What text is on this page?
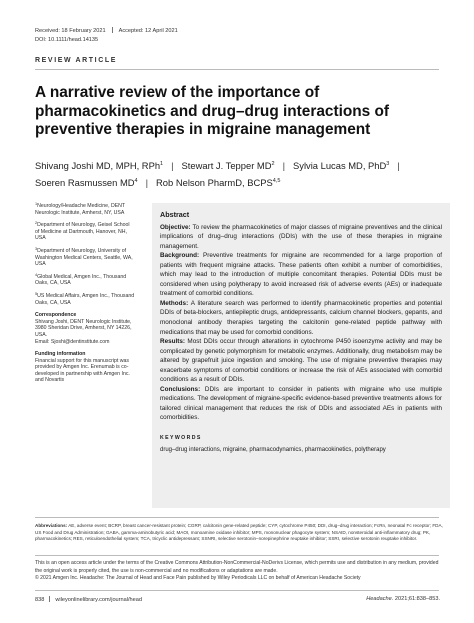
Received: 18 February 2021 Accepted: 12 April 2021
DOI: 10.1111/head.14135
REVIEW ARTICLE
A narrative review of the importance of pharmacokinetics and drug–drug interactions of preventive therapies in migraine management
Shivang Joshi MD, MPH, RPh$^1$ | Stewart J. Tepper $MD^2$ | Sylvia Lucas MD, PhD$^3$ |
Soeren Rasmussen $MD^4$ | Rob Nelson PharmD, BCPS$^{4,5}$

$^1$Neurology/Headache Medicine, DENT Neurologic Institute, Amherst, NY, USA

$^2$Department of Neurology, Geisel School of Medicine at Dartmouth, Hanover, NH, USA

$^3$Department of Neurology, University of Washington Medical Centers, Seattle, WA, USA

$^4$Global Medical, Amgen Inc., Thousand Oaks, CA, USA

$^5$US Medical Affairs, Amgen Inc., Thousand Oaks, CA, USA

Correspondence
Shivang Joshi, DENT Neurologic Institute, 3980 Sheridan Drive, Amherst, NY 14226, USA.
Email: Sjoshi@dentinstitute.com

Funding information
Financial support for this manuscript was provided by Amgen Inc. Erenumab is co-developed in partnership with Amgen Inc. and Novartis

Abstract

Objective: To review the pharmacokinetics of major classes of migraine preventives and the clinical implications of drug–drug interactions (DDIs) with the use of these therapies in migraine management.

Background: Preventive treatments for migraine are recommended for a large proportion of patients with frequent migraine attacks. These patients often exhibit a number of comorbidities, which may lead to the introduction of multiple concomitant therapies. Potential DDIs must be considered when using polytherapy to avoid increased risk of adverse events (AEs) or inadequate treatment of comorbid conditions.

Methods: A literature search was performed to identify pharmacokinetic properties and potential DDIs of beta-blockers, antiepileptic drugs, antidepressants, calcium channel blockers, gepants, and monoclonal antibody therapies targeting the calcitonin gene-related peptide pathway with medications that may be used for comorbid conditions.

Results: Most DDIs occur through alterations in cytochrome P450 isoenzyme activity and may be complicated by genetic polymorphism for metabolic enzymes. Additionally, drug metabolism may be altered by grapefruit juice ingestion and smoking. The use of migraine preventive therapies may exacerbate symptoms of comorbid conditions or increase the risk of AEs associated with comorbid conditions as a result of DDIs.

Conclusions: DDIs are important to consider in patients with migraine who use multiple medications. The development of migraine-specific evidence-based preventive treatments allows for tailored clinical management that reduces the risk of DDIs and associated AEs in patients with comorbidities.

KEYWORDS
drug–drug interactions, migraine, pharmacodynamics, pharmacokinetics, polytherapy
Abbreviations: AE, adverse event; BCRP, breast cancer-resistant protein; CGRP, calcitonin gene-related peptide; CYP, cytochrome P450; DDI, drug–drug interaction; FcRn, neonatal Fc receptor; FDA, US Food and Drug Administration; GABA, gamma-aminobutyric acid; MAOI, monoamine oxidase inhibitor; MPS, mononuclear phagocyte system; NSAID, nonsteroidal anti-inflammatory drug; PK, pharmacokinetics; RES, reticuloendothelial system; TCA, tricyclic antidepressant; SSNRI, selective serotonin–norepinephrine reuptake inhibitor; SSRI, selective serotonin reuptake inhibitor.
This is an open access article under the terms of the Creative Commons Attribution-NonCommercial-NoDerivs License, which permits use and distribution in any medium, provided the original work is properly cited, the use is non-commercial and no modifications or adaptations are made.
© 2021 Amgen Inc. Headache: The Journal of Head and Face Pain published by Wiley Periodicals LLC on behalf of American Headache Society
838 wileyonlinelibrary.com/journal/head	Headache. 2021;61:838–853.
